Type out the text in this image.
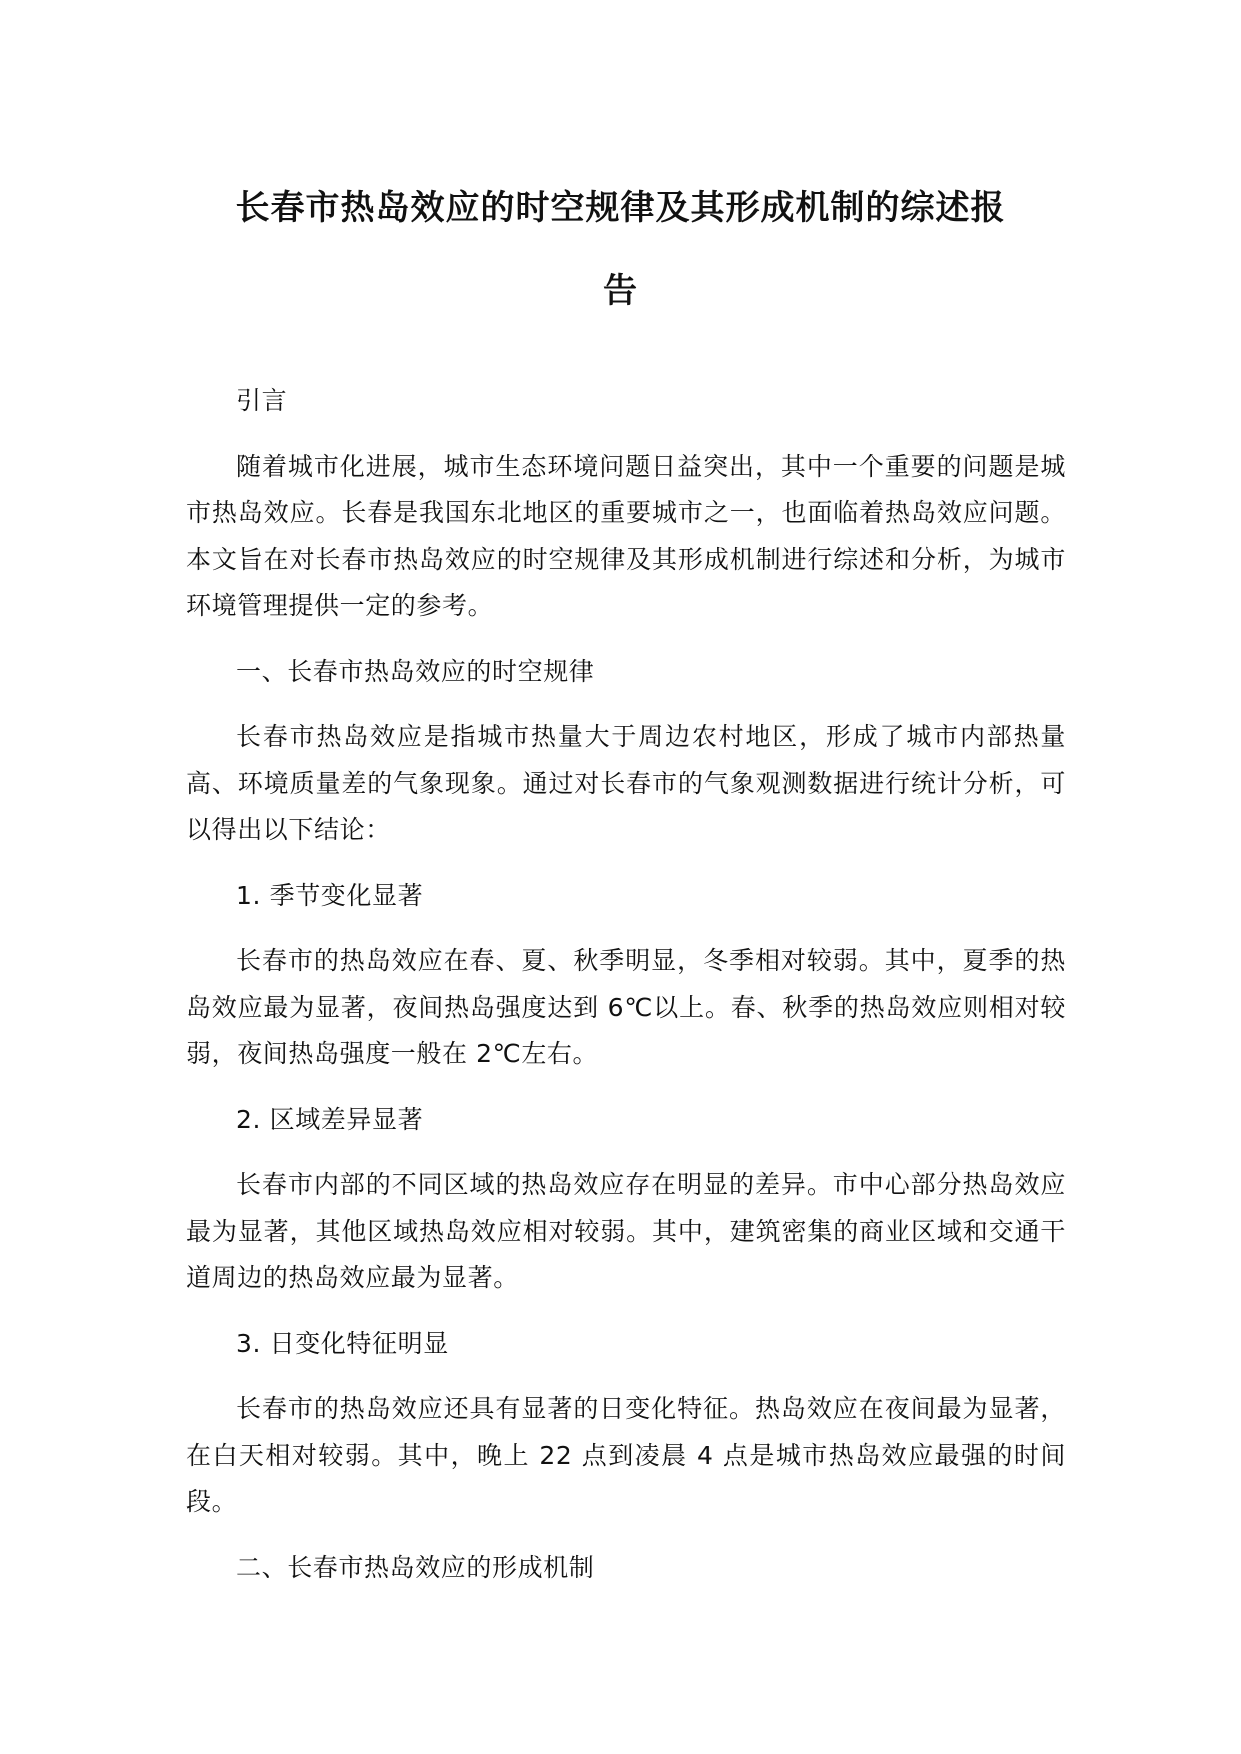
长春市热岛效应的时空规律及其形成机制的综述报
告

引言

随着城市化进展，城市生态环境问题日益突出，其中一个重要的问题是城市热岛效应。长春是我国东北地区的重要城市之一，也面临着热岛效应问题。本文旨在对长春市热岛效应的时空规律及其形成机制进行综述和分析，为城市环境管理提供一定的参考。

一、长春市热岛效应的时空规律

长春市热岛效应是指城市热量大于周边农村地区，形成了城市内部热量高、环境质量差的气象现象。通过对长春市的气象观测数据进行统计分析，可以得出以下结论：

1. 季节变化显著

长春市的热岛效应在春、夏、秋季明显，冬季相对较弱。其中，夏季的热岛效应最为显著，夜间热岛强度达到 6℃以上。春、秋季的热岛效应则相对较弱，夜间热岛强度一般在 2℃左右。

2. 区域差异显著

长春市内部的不同区域的热岛效应存在明显的差异。市中心部分热岛效应最为显著，其他区域热岛效应相对较弱。其中，建筑密集的商业区域和交通干道周边的热岛效应最为显著。

3. 日变化特征明显

长春市的热岛效应还具有显著的日变化特征。热岛效应在夜间最为显著，在白天相对较弱。其中，晚上 22 点到凌晨 4 点是城市热岛效应最强的时间段。

二、长春市热岛效应的形成机制
